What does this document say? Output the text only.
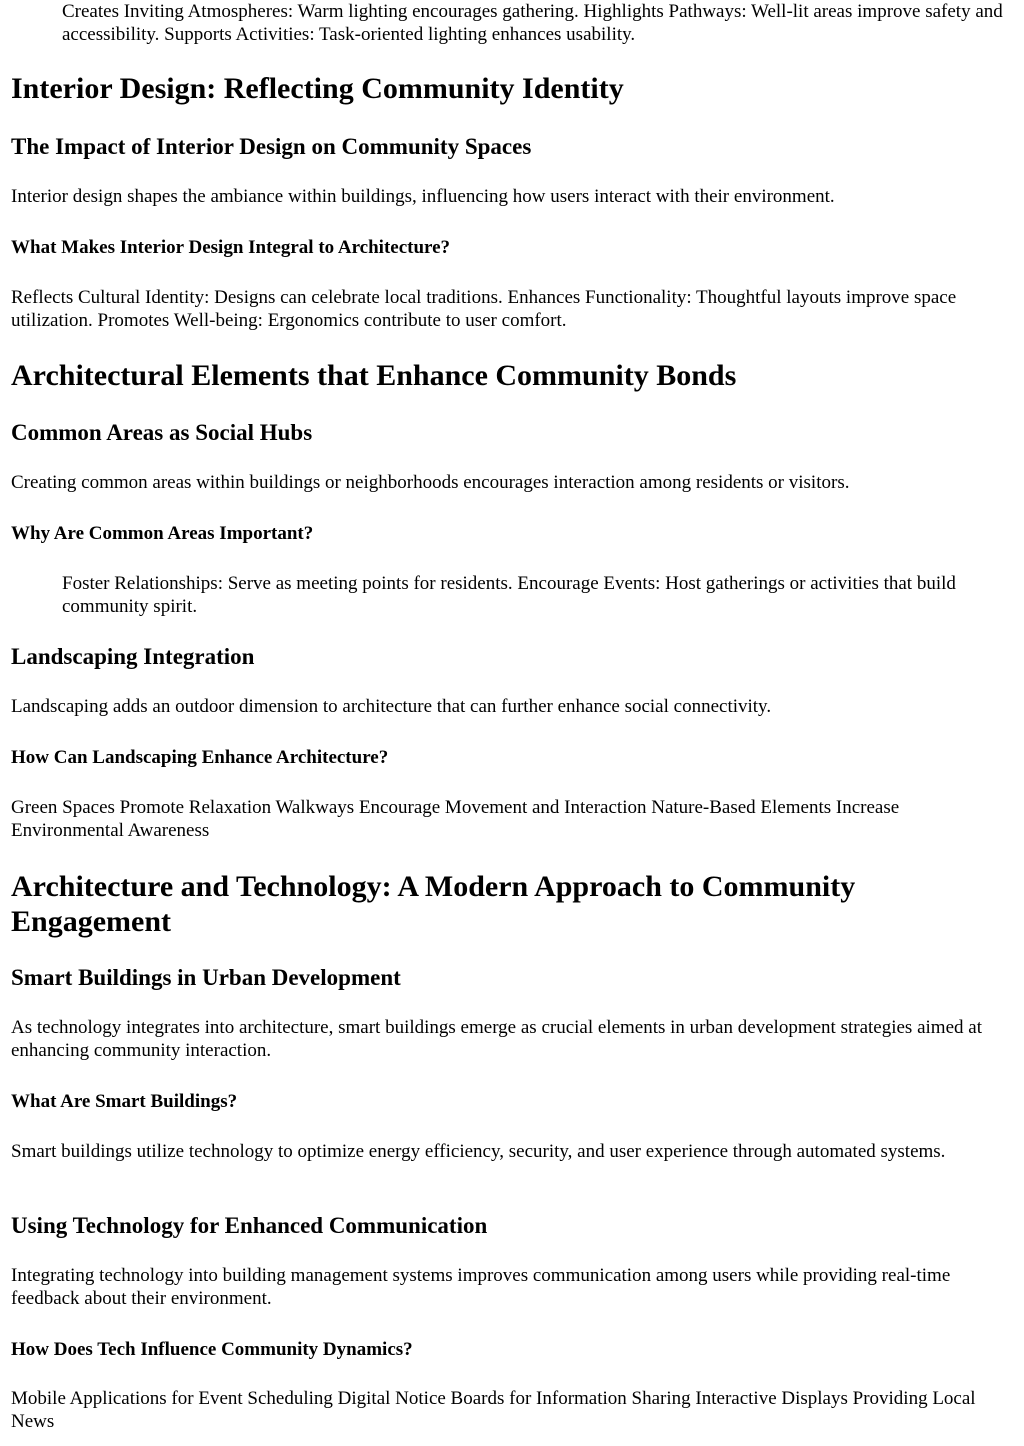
Creates Inviting Atmospheres: Warm lighting encourages gathering. Highlights Pathways: Well-lit areas improve safety and accessibility. Supports Activities: Task-oriented lighting enhances usability.

Interior Design: Reflecting Community Identity
The Impact of Interior Design on Community Spaces

Interior design shapes the ambiance within buildings, influencing how users interact with their environment.

What Makes Interior Design Integral to Architecture?

Reflects Cultural Identity: Designs can celebrate local traditions. Enhances Functionality: Thoughtful layouts improve space utilization. Promotes Well-being: Ergonomics contribute to user comfort.

Architectural Elements that Enhance Community Bonds
Common Areas as Social Hubs

Creating common areas within buildings or neighborhoods encourages interaction among residents or visitors.

Why Are Common Areas Important?

Foster Relationships: Serve as meeting points for residents. Encourage Events: Host gatherings or activities that build community spirit.

Landscaping Integration

Landscaping adds an outdoor dimension to architecture that can further enhance social connectivity.

How Can Landscaping Enhance Architecture?

Green Spaces Promote Relaxation Walkways Encourage Movement and Interaction Nature-Based Elements Increase Environmental Awareness

Architecture and Technology: A Modern Approach to Community Engagement
Smart Buildings in Urban Development

As technology integrates into architecture, smart buildings emerge as crucial elements in urban development strategies aimed at enhancing community interaction.

What Are Smart Buildings?

Smart buildings utilize technology to optimize energy efficiency, security, and user experience through automated systems.

Using Technology for Enhanced Communication

Integrating technology into building management systems improves communication among users while providing real-time feedback about their environment.

How Does Tech Influence Community Dynamics?

Mobile Applications for Event Scheduling Digital Notice Boards for Information Sharing Interactive Displays Providing Local News
